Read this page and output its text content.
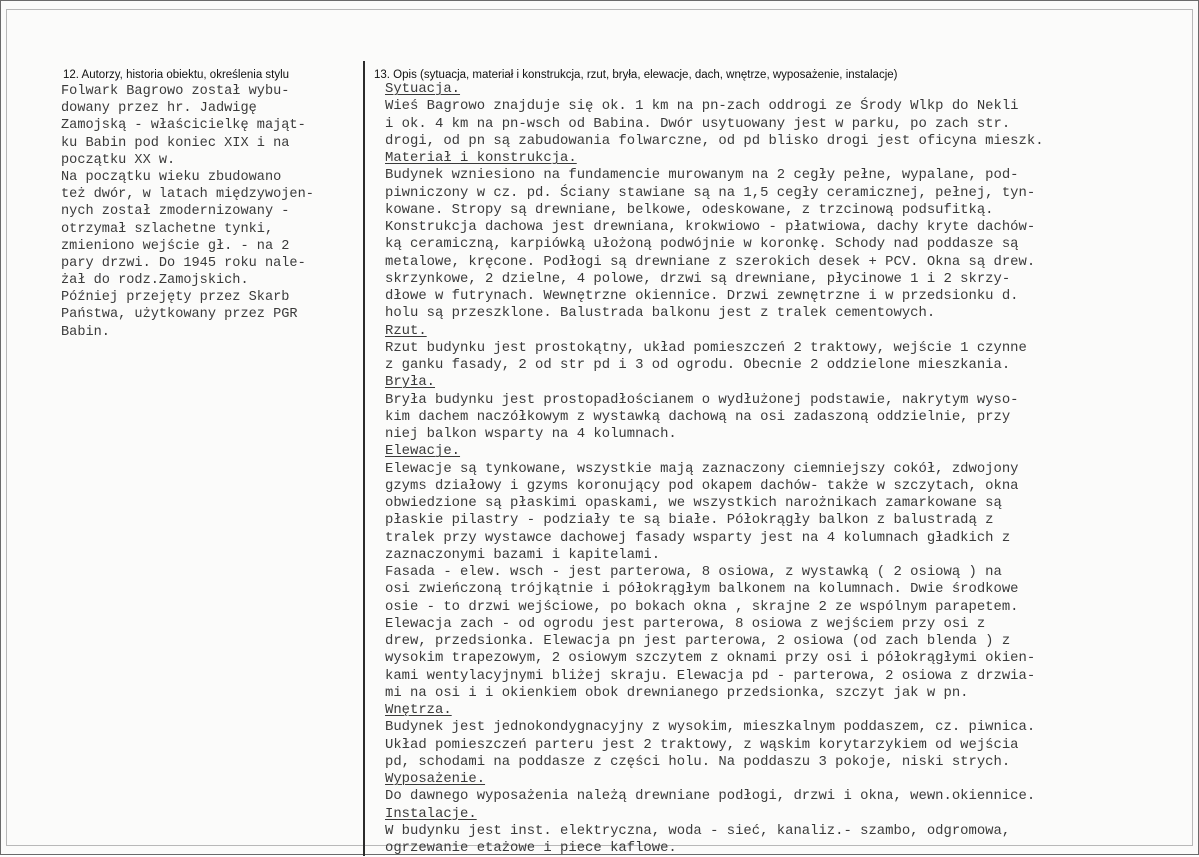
12. Autorzy, historia obiektu, określenia stylu	13. Opis (sytuacja, materiał i konstrukcja, rzut, bryła, elewacje, dach, wnętrze, wyposażenie, instalacje)
Folwark Bagrowo został wybu-
dowany przez hr. Jadwigę
Zamojską - właścicielkę mająt-
ku Babin pod koniec XIX i na
początku XX w.
Na początku wieku zbudowano
też dwór, w latach międzywojen-
nych został zmodernizowany -
otrzymał szlachetne tynki,
zmieniono wejście gł. - na 2
pary drzwi. Do 1945 roku nale-
żał do rodz.Zamojskich.
Później przejęty przez Skarb
Państwa, użytkowany przez PGR
Babin.
Sytuacja.
Wieś Bagrowo znajduje się ok. 1 km na pn-zach oddrogi ze Środy Wlkp do Nekli
i ok. 4 km na pn-wsch od Babina. Dwór usytuowany jest w parku, po zach str.
drogi, od pn są zabudowania folwarczne, od pd blisko drogi jest oficyna mieszk.
Materiał i konstrukcja.
Budynek wzniesiono na fundamencie murowanym na 2 cegły pełne, wypalane, pod-
piwniczony w cz. pd. Ściany stawiane są na 1,5 cegły ceramicznej, pełnej, tyn-
kowane. Stropy są drewniane, belkowe, odeskowane, z trzcinową podsufitką.
Konstrukcja dachowa jest drewniana, krokwiowo - płatwiowa, dachy kryte dachów-
ką ceramiczną, karpiówką ułożoną podwójnie w koronkę. Schody nad poddasze są
metalowe, kręcone. Podłogi są drewniane z szerokich desek + PCV. Okna są drew.
skrzynkowe, 2 dzielne, 4 polowe, drzwi są drewniane, płycinowe 1 i 2 skrzy-
dłowe w futrynach. Wewnętrzne okiennice. Drzwi zewnętrzne i w przedsionku d.
holu są przeszklone. Balustrada balkonu jest z tralek cementowych.
Rzut.
Rzut budynku jest prostokątny, układ pomieszczeń 2 traktowy, wejście 1 czynne
z ganku fasady, 2 od str pd i 3 od ogrodu. Obecnie 2 oddzielone mieszkania.
Bryła.
Bryła budynku jest prostopadłościanem o wydłużonej podstawie, nakrytym wyso-
kim dachem naczółkowym z wystawką dachową na osi zadaszoną oddzielnie, przy
niej balkon wsparty na 4 kolumnach.
Elewacje.
Elewacje są tynkowane, wszystkie mają zaznaczony ciemniejszy cokół, zdwojony
gzyms działowy i gzyms koronujący pod okapem dachów- także w szczytach, okna
obwiedzione są płaskimi opaskami, we wszystkich narożnikach zamarkowane są
płaskie pilastry - podziały te są białe. Półokrągły balkon z balustradą z
tralek przy wystawce dachowej fasady wsparty jest na 4 kolumnach gładkich z
zaznaczonymi bazami i kapitelami.
Fasada - elew. wsch - jest parterowa, 8 osiowa, z wystawką ( 2 osiową ) na
osi zwieńczoną trójkątnie i półokrągłym balkonem na kolumnach. Dwie środkowe
osie - to drzwi wejściowe, po bokach okna , skrajne 2 ze wspólnym parapetem.
Elewacja zach - od ogrodu jest parterowa, 8 osiowa z wejściem przy osi z
drew, przedsionka. Elewacja pn jest parterowa, 2 osiowa (od zach blenda ) z
wysokim trapezowym, 2 osiowym szczytem z oknami przy osi i półokrągłymi okien-
kami wentylacyjnymi bliżej skraju. Elewacja pd - parterowa, 2 osiowa z drzwia-
mi na osi i i okienkiem obok drewnianego przedsionka, szczyt jak w pn.
Wnętrza.
Budynek jest jednokondygnacyjny z wysokim, mieszkalnym poddaszem, cz. piwnica.
Układ pomieszczeń parteru jest 2 traktowy, z wąskim korytarzykiem od wejścia
pd, schodami na poddasze z części holu. Na poddaszu 3 pokoje, niski strych.
Wyposażenie.
Do dawnego wyposażenia należą drewniane podłogi, drzwi i okna, wewn.okiennice.
Instalacje.
W budynku jest inst. elektryczna, woda - sieć, kanaliz.- szambo, odgromowa,
ogrzewanie etażowe i piece kaflowe.
